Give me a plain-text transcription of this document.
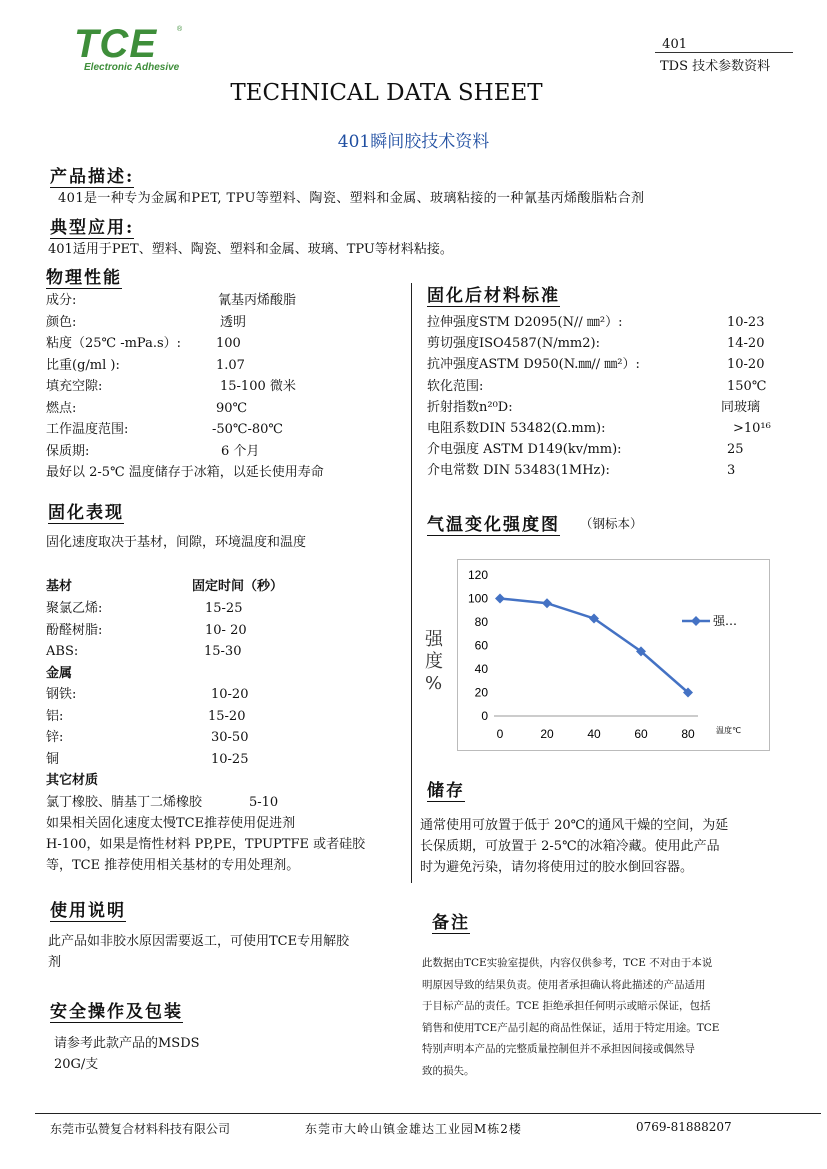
TCE	®
Electronic Adhesive
401
TDS 技术参数资料
TECHNICAL DATA SHEET
401瞬间胶技术资料
产品描述:
401是一种专为金属和PET, TPU等塑料、陶瓷、塑料和金属、玻璃粘接的一种氰基丙烯酸脂粘合剂
典型应用:
401适用于PET、塑料、陶瓷、塑料和金属、玻璃、TPU等材料粘接。
物理性能
成分:	氰基丙烯酸脂
颜色:	透明
粘度（25℃ -mPa.s）:	100
比重(g/ml ):	1.07
填充空隙:	15-100 微米
燃点:	90℃
工作温度范围:	-50℃-80℃
保质期:	6 个月
最好以 2-5℃ 温度储存于冰箱，以延长使用寿命
固化后材料标准
拉伸强度STM D2095(N// ㎜²）:	10-23
剪切强度ISO4587(N/mm2):	14-20
抗冲强度ASTM D950(N.㎜// ㎜²）:	10-20
软化范围:	150℃
折射指数n²⁰D:	同玻璃
电阻系数DIN 53482(Ω.mm):	>10¹⁶
介电强度 ASTM D149(kv/mm):	25
介电常数 DIN 53483(1MHz):	3
固化表现
固化速度取决于基材，间隙，环境温度和温度
基材	固定时间（秒）
聚氯乙烯:	15-25
酚醛树脂:	10- 20
ABS:	15-30
金属
钢铁:	10-20
铝:	15-20
锌:	30-50
铜	10-25
其它材质
氯丁橡胶、腈基丁二烯橡胶	5-10
如果相关固化速度太慢TCE推荐使用促进剂
H-100，如果是惰性材料 PP,PE，TPUPTFE 或者硅胶
等，TCE 推荐使用相关基材的专用处理剂。
气温变化强度图 （钢标本）
0
20
40
60
80
100
120
0	20	40	60	80
强…
温度℃
强度%
储存
通常使用可放置于低于 20℃的通风干燥的空间，为延
长保质期，可放置于 2-5℃的冰箱冷藏。使用此产品
时为避免污染，请勿将使用过的胶水倒回容器。
使用说明
此产品如非胶水原因需要返工，可使用TCE专用解胶
剂
备注
此数据由TCE实验室提供，内容仅供参考，TCE 不对由于本说
明原因导致的结果负责。使用者承担确认将此描述的产品适用
于目标产品的责任。TCE 拒绝承担任何明示或暗示保证，包括
销售和使用TCE产品引起的商品性保证，适用于特定用途。TCE
特别声明本产品的完整质量控制但并不承担因间接或偶然导
致的损失。
安全操作及包装
请参考此款产品的MSDS
20G/支
东莞市弘赞复合材料科技有限公司	东莞市大岭山镇金雄达工业园M栋2楼	0769-81888207
